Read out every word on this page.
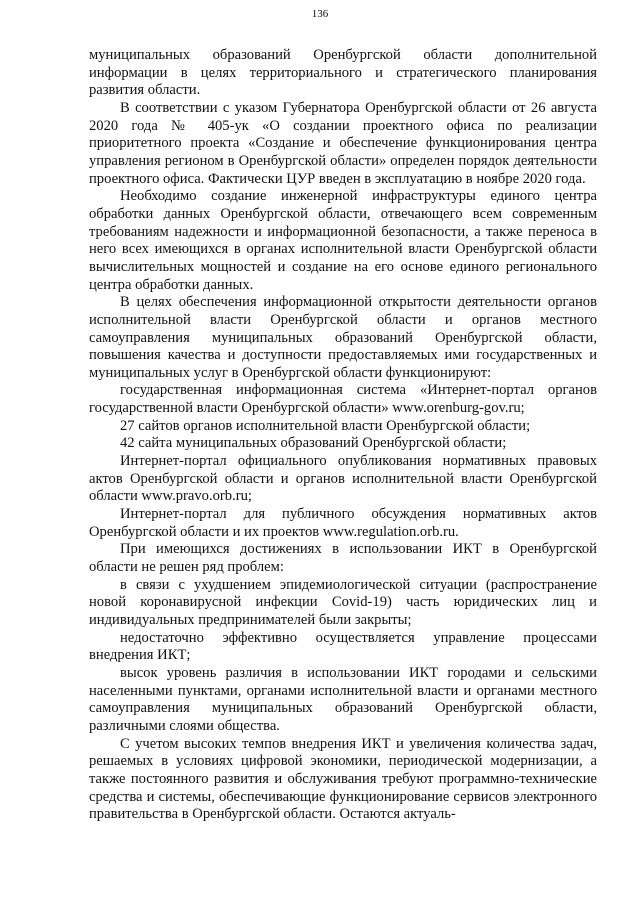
136

муниципальных образований Оренбургской области дополнительной информации в целях территориального и стратегического планирования развития области.

В соответствии с указом Губернатора Оренбургской области от 26 августа 2020 года № 405-ук «О создании проектного офиса по реализации приоритетного проекта «Создание и обеспечение функционирования центра управления регионом в Оренбургской области» определен порядок деятельности проектного офиса. Фактически ЦУР введен в эксплуатацию в ноябре 2020 года.

Необходимо создание инженерной инфраструктуры единого центра обработки данных Оренбургской области, отвечающего всем современным требованиям надежности и информационной безопасности, а также переноса в него всех имеющихся в органах исполнительной власти Оренбургской области вычислительных мощностей и создание на его основе единого регионального центра обработки данных.

В целях обеспечения информационной открытости деятельности органов исполнительной власти Оренбургской области и органов местного самоуправления муниципальных образований Оренбургской области, повышения качества и доступности предоставляемых ими государственных и муниципальных услуг в Оренбургской области функционируют:

государственная информационная система «Интернет-портал органов государственной власти Оренбургской области» www.orenburg-gov.ru;

27 сайтов органов исполнительной власти Оренбургской области;

42 сайта муниципальных образований Оренбургской области;

Интернет-портал официального опубликования нормативных правовых актов Оренбургской области и органов исполнительной власти Оренбургской области www.pravo.orb.ru;

Интернет-портал для публичного обсуждения нормативных актов Оренбургской области и их проектов www.regulation.orb.ru.

При имеющихся достижениях в использовании ИКТ в Оренбургской области не решен ряд проблем:

в связи с ухудшением эпидемиологической ситуации (распространение новой коронавирусной инфекции Covid-19) часть юридических лиц и индивидуальных предпринимателей были закрыты;

недостаточно эффективно осуществляется управление процессами внедрения ИКТ;

высок уровень различия в использовании ИКТ городами и сельскими населенными пунктами, органами исполнительной власти и органами местного самоуправления муниципальных образований Оренбургской области, различными слоями общества.

С учетом высоких темпов внедрения ИКТ и увеличения количества задач, решаемых в условиях цифровой экономики, периодической модернизации, а также постоянного развития и обслуживания требуют программно-технические средства и системы, обеспечивающие функционирование сервисов электронного правительства в Оренбургской области. Остаются актуаль-
